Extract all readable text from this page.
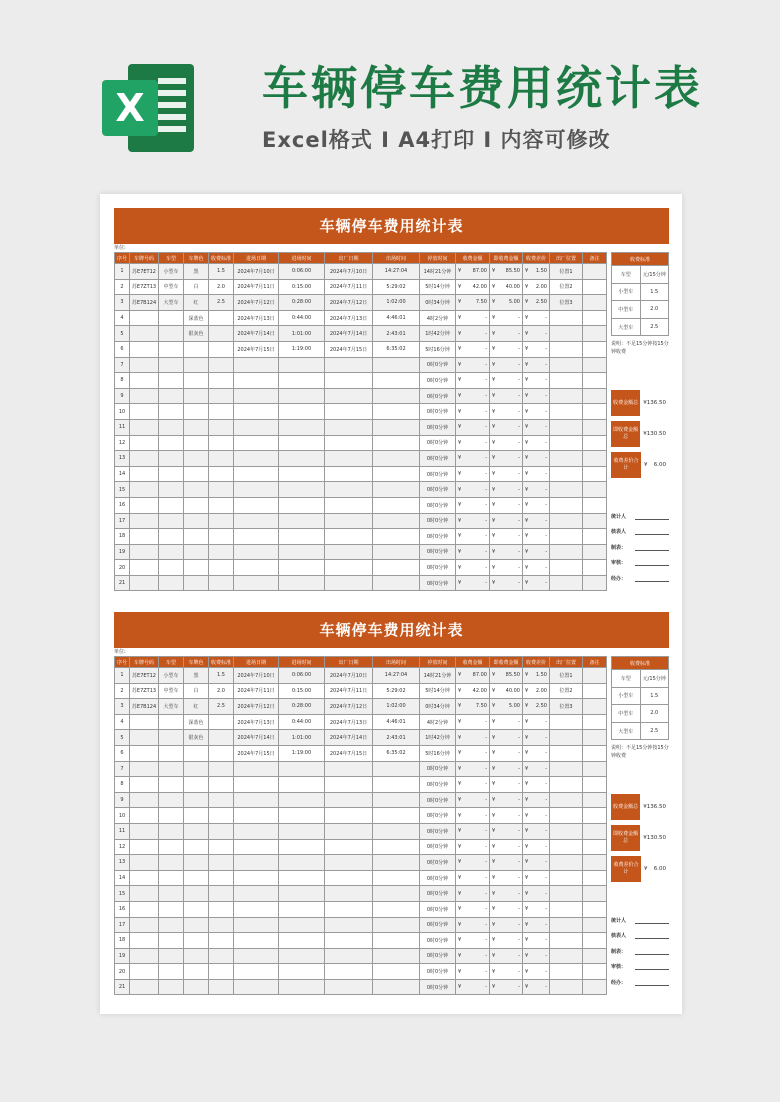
X	车辆停车费用统计表
Excel格式 I A4打印 I 内容可修改
车辆停车费用统计表
单位:
序号	车牌号码	车型	车牌色	收费标准	进场日期	进场时间	出厂日期	出场时间	停放时间	收费金额	即收费金额	收费差价	出厂位置	备注
1	苏E7ET12	小型车	黑	1.5	2024年7月10日	0:06:00	2024年7月10日	14:27:04	14时21分钟	¥ 87.00	¥ 85.50	¥ 1.50	位置1	
2	苏E7ZT13	中型车	白	2.0	2024年7月11日	0:15:00	2024年7月11日	5:29:02	5时14分钟	¥ 42.00	¥ 40.00	¥ 2.00	位置2	
3	苏E7B124	大型车	红	2.5	2024年7月12日	0:28:00	2024年7月12日	1:02:00	0时34分钟	¥ 7.50	¥ 5.00	¥ 2.50	位置3	
4			深蓝色		2024年7月13日	0:44:00	2024年7月13日	4:46:01	4时2分钟	¥ -	¥ -	¥ -		

5			银灰色		2024年7月14日	1:01:00	2024年7月14日	2:43:01	1时42分钟	¥ -	¥ -	¥ -		

6					2024年7月15日	1:19:00	2024年7月15日	6:35:02	5时16分钟	¥ -	¥ -	¥ -		

7									0时0分钟	¥ -	¥ -	¥ -		

8									0时0分钟	¥ -	¥ -	¥ -		

9									0时0分钟	¥ -	¥ -	¥ -		

10									0时0分钟	¥ -	¥ -	¥ -		

11									0时0分钟	¥ -	¥ -	¥ -		

12									0时0分钟	¥ -	¥ -	¥ -		

13									0时0分钟	¥ -	¥ -	¥ -		

14									0时0分钟	¥ -	¥ -	¥ -		

15									0时0分钟	¥ -	¥ -	¥ -		

16									0时0分钟	¥ -	¥ -	¥ -		

17									0时0分钟	¥ -	¥ -	¥ -		

18									0时0分钟	¥ -	¥ -	¥ -		

19									0时0分钟	¥ -	¥ -	¥ -		

20									0时0分钟	¥ -	¥ -	¥ -		

21									0时0分钟	¥ -	¥ -	¥ -		

收费标准	
车型	元/15分钟
小型车	1.5
中型车	2.0
大型车	2.5
说明：不足15分钟按15分钟收费
收费金额总 ¥ 136.50
即收费金额总	¥ 130.50
收费差价合计	¥ 6.00
统计人
核表人
制表：
审核：
经办：
车辆停车费用统计表
单位:
序号	车牌号码	车型	车牌色	收费标准	进场日期	进场时间	出厂日期	出场时间	停放时间	收费金额	即收费金额	收费差价	出厂位置	备注
1	苏E7ET12	小型车	黑	1.5	2024年7月10日	0:06:00	2024年7月10日	14:27:04	14时21分钟	¥ 87.00	¥ 85.50	¥ 1.50	位置1	
2	苏E7ZT13	中型车	白	2.0	2024年7月11日	0:15:00	2024年7月11日	5:29:02	5时14分钟	¥ 42.00	¥ 40.00	¥ 2.00	位置2	
3	苏E7B124	大型车	红	2.5	2024年7月12日	0:28:00	2024年7月12日	1:02:00	0时34分钟	¥ 7.50	¥ 5.00	¥ 2.50	位置3	
4			深蓝色		2024年7月13日	0:44:00	2024年7月13日	4:46:01	4时2分钟	¥ -	¥ -	¥ -		

5			银灰色		2024年7月14日	1:01:00	2024年7月14日	2:43:01	1时42分钟	¥ -	¥ -	¥ -		

6					2024年7月15日	1:19:00	2024年7月15日	6:35:02	5时16分钟	¥ -	¥ -	¥ -		

7									0时0分钟	¥ -	¥ -	¥ -		

8									0时0分钟	¥ -	¥ -	¥ -		

9									0时0分钟	¥ -	¥ -	¥ -		

10									0时0分钟	¥ -	¥ -	¥ -		

11									0时0分钟	¥ -	¥ -	¥ -		

12									0时0分钟	¥ -	¥ -	¥ -		

13									0时0分钟	¥ -	¥ -	¥ -		

14									0时0分钟	¥ -	¥ -	¥ -		

15									0时0分钟	¥ -	¥ -	¥ -		

16									0时0分钟	¥ -	¥ -	¥ -		

17									0时0分钟	¥ -	¥ -	¥ -		

18									0时0分钟	¥ -	¥ -	¥ -		

19									0时0分钟	¥ -	¥ -	¥ -		

20									0时0分钟	¥ -	¥ -	¥ -		

21									0时0分钟	¥ -	¥ -	¥ -		

收费标准	
车型	元/15分钟
小型车	1.5
中型车	2.0
大型车	2.5
说明：不足15分钟按15分钟收费
收费金额总 ¥ 136.50
即收费金额总	¥ 130.50
收费差价合计	¥ 6.00
统计人
核表人
制表：
审核：
经办：
